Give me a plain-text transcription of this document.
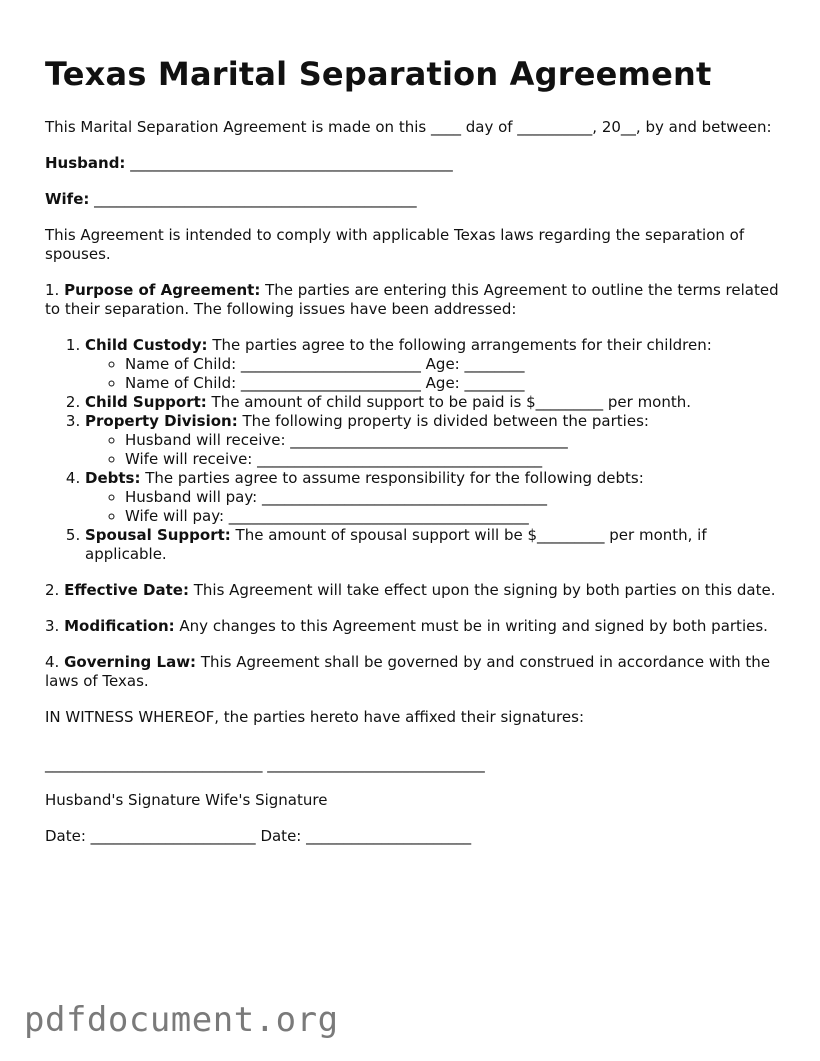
Texas Marital Separation Agreement

This Marital Separation Agreement is made on this ____ day of __________, 20__, by and between:

Husband: ___________________________________________

Wife: ___________________________________________

This Agreement is intended to comply with applicable Texas laws regarding the separation of spouses.

1. Purpose of Agreement: The parties are entering this Agreement to outline the terms related to their separation. The following issues have been addressed:

1. Child Custody: The parties agree to the following arrangements for their children:
◦ Name of Child: ________________________ Age: ________
◦ Name of Child: ________________________ Age: ________
2. Child Support: The amount of child support to be paid is $_________ per month.
3. Property Division: The following property is divided between the parties:
◦ Husband will receive: _____________________________________
◦ Wife will receive: ______________________________________
4. Debts: The parties agree to assume responsibility for the following debts:
◦ Husband will pay: ______________________________________
◦ Wife will pay: ________________________________________
5. Spousal Support: The amount of spousal support will be $_________ per month, if applicable.

2. Effective Date: This Agreement will take effect upon the signing by both parties on this date.

3. Modification: Any changes to this Agreement must be in writing and signed by both parties.

4. Governing Law: This Agreement shall be governed by and construed in accordance with the laws of Texas.

IN WITNESS WHEREOF, the parties hereto have affixed their signatures:

_____________________________ _____________________________

Husband's Signature Wife's Signature

Date: ______________________ Date: ______________________

pdfdocument.org
